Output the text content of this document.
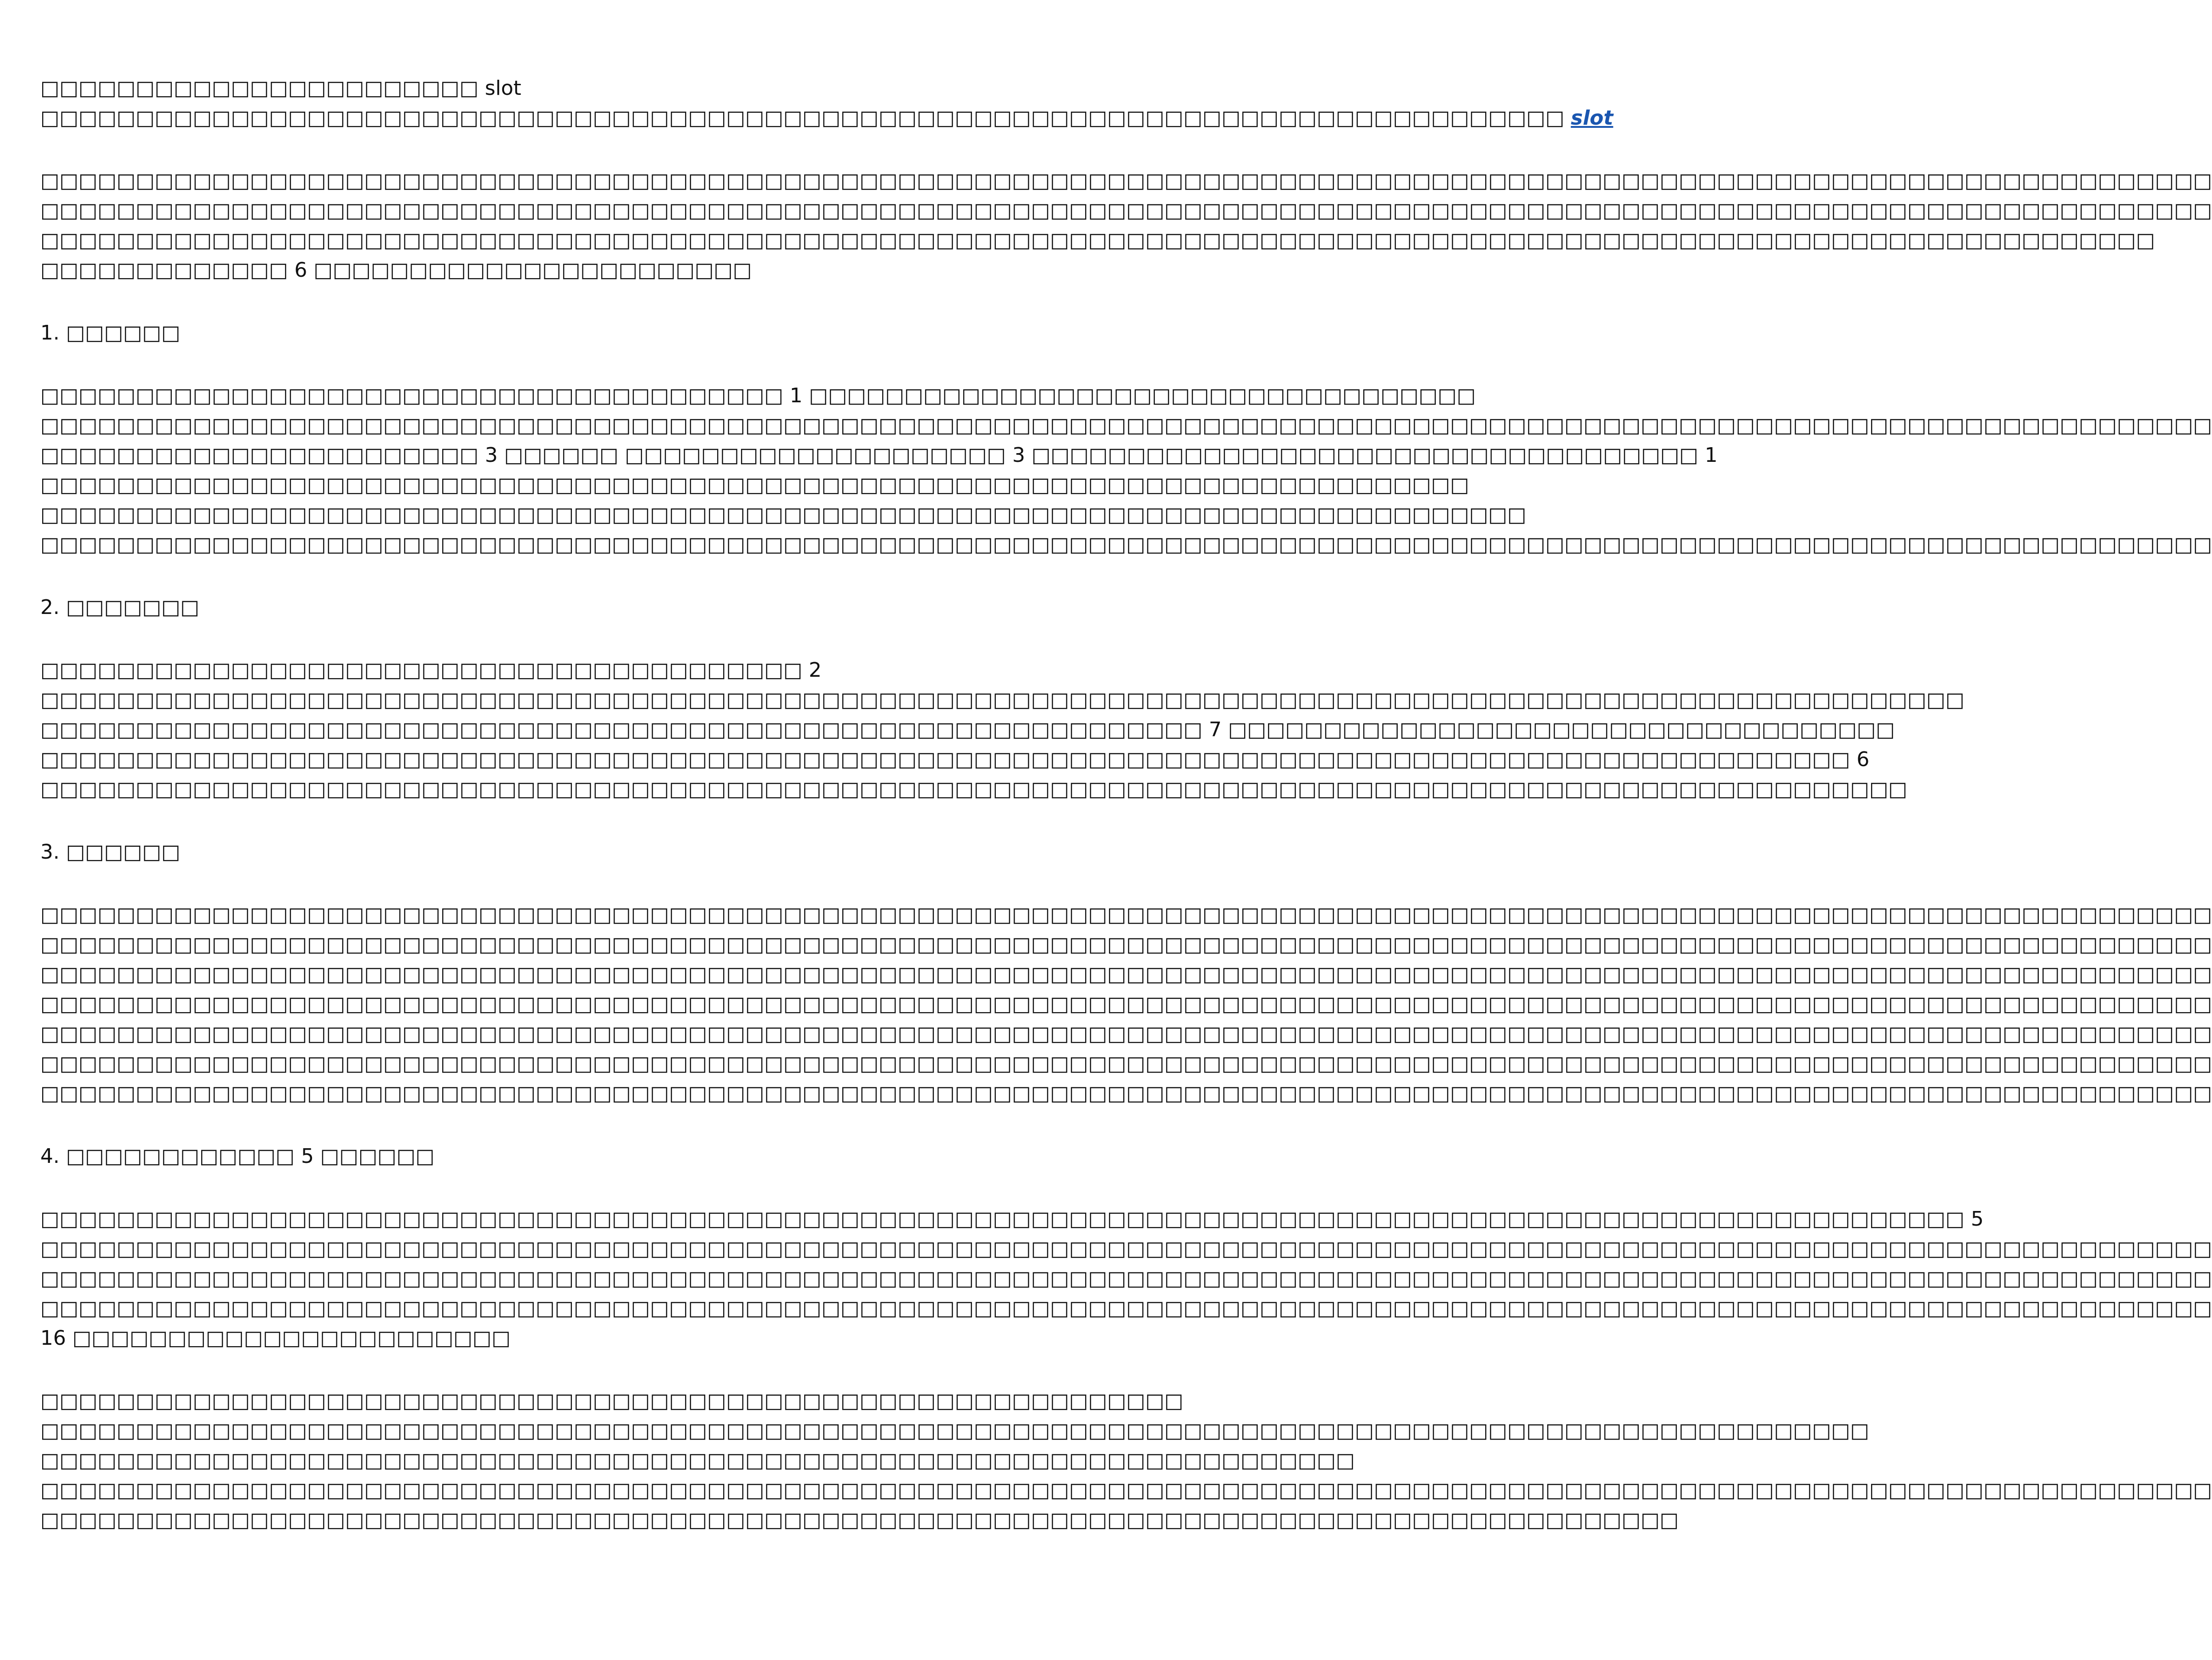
□□□□□□□□□□□□□□□□□□□□□□□ slot
□□□□□□□□□□□□□□□□□□□□□□□□□□□□□□□□□□□□□□□□□□□□□□□□□□□□□□□□□□□□□□□□□□□□□□□□□□□□□□□□ slot
□□□□□□□□□□□□□□□□□□□□□□□□□□□□□□□□□□□□□□□□□□□□□□□□□□□□□□□□□□□□□□□□□□□□□□□□□□□□□□□□□□□□□□□□□□□□□□□□□□□□□□□□□□□□□□□□□□
□□□□□□□□□□□□□□□□□□□□□□□□□□□□□□□□□□□□□□□□□□□□□□□□□□□□□□□□□□□□□□□□□□□□□□□□□□□□□□□□□□□□□□□□□□□□□□□□□□□□□□□□□□□□□□□□□□
□□□□□□□□□□□□□□□□□□□□□□□□□□□□□□□□□□□□□□□□□□□□□□□□□□□□□□□□□□□□□□□□□□□□□□□□□□□□□□□□□□□□□□□□□□□□□□□□□□□□□□□□□□□□□□□
□□□□□□□□□□□□□ 6 □□□□□□□□□□□□□□□□□□□□□□□
1. □□□□□□
□□□□□□□□□□□□□□□□□□□□□□□□□□□□□□□□□□□□□□□ 1 □□□□□□□□□□□□□□□□□□□□□□□□□□□□□□□□□□□
□□□□□□□□□□□□□□□□□□□□□□□□□□□□□□□□□□□□□□□□□□□□□□□□□□□□□□□□□□□□□□□□□□□□□□□□□□□□□□□□□□□□□□□□□□□□□□□□□□□□□□□□□□□□□□□□□□
□□□□□□□□□□□□□□□□□□□□□□□ 3 □□□□□□ □□□□□□□□□□□□□□□□□□□□ 3 □□□□□□□□□□□□□□□□□□□□□□□□□□□□□□□□□□□ 1
□□□□□□□□□□□□□□□□□□□□□□□□□□□□□□□□□□□□□□□□□□□□□□□□□□□□□□□□□□□□□□□□□□□□□□□□□□□
□□□□□□□□□□□□□□□□□□□□□□□□□□□□□□□□□□□□□□□□□□□□□□□□□□□□□□□□□□□□□□□□□□□□□□□□□□□□□□
□□□□□□□□□□□□□□□□□□□□□□□□□□□□□□□□□□□□□□□□□□□□□□□□□□□□□□□□□□□□□□□□□□□□□□□□□□□□□□□□□□□□□□□□□□□□□□□□□□□□□□□□□□□□□□□□□□
2. □□□□□□□
□□□□□□□□□□□□□□□□□□□□□□□□□□□□□□□□□□□□□□□□ 2
□□□□□□□□□□□□□□□□□□□□□□□□□□□□□□□□□□□□□□□□□□□□□□□□□□□□□□□□□□□□□□□□□□□□□□□□□□□□□□□□□□□□□□□□□□□□□□□□□□□□□
□□□□□□□□□□□□□□□□□□□□□□□□□□□□□□□□□□□□□□□□□□□□□□□□□□□□□□□□□□□□□ 7 □□□□□□□□□□□□□□□□□□□□□□□□□□□□□□□□□□□
□□□□□□□□□□□□□□□□□□□□□□□□□□□□□□□□□□□□□□□□□□□□□□□□□□□□□□□□□□□□□□□□□□□□□□□□□□□□□□□□□□□□□□□□□□□□□□□ 6
□□□□□□□□□□□□□□□□□□□□□□□□□□□□□□□□□□□□□□□□□□□□□□□□□□□□□□□□□□□□□□□□□□□□□□□□□□□□□□□□□□□□□□□□□□□□□□□□□□
3. □□□□□□
□□□□□□□□□□□□□□□□□□□□□□□□□□□□□□□□□□□□□□□□□□□□□□□□□□□□□□□□□□□□□□□□□□□□□□□□□□□□□□□□□□□□□□□□□□□□□□□□□□□□□□□□□□□□□□□□□□
□□□□□□□□□□□□□□□□□□□□□□□□□□□□□□□□□□□□□□□□□□□□□□□□□□□□□□□□□□□□□□□□□□□□□□□□□□□□□□□□□□□□□□□□□□□□□□□□□□□□□□□□□□□□□□□□□□
□□□□□□□□□□□□□□□□□□□□□□□□□□□□□□□□□□□□□□□□□□□□□□□□□□□□□□□□□□□□□□□□□□□□□□□□□□□□□□□□□□□□□□□□□□□□□□□□□□□□□□□□□□□□□□□□□□
□□□□□□□□□□□□□□□□□□□□□□□□□□□□□□□□□□□□□□□□□□□□□□□□□□□□□□□□□□□□□□□□□□□□□□□□□□□□□□□□□□□□□□□□□□□□□□□□□□□□□□□□□□□□□□□□□□
□□□□□□□□□□□□□□□□□□□□□□□□□□□□□□□□□□□□□□□□□□□□□□□□□□□□□□□□□□□□□□□□□□□□□□□□□□□□□□□□□□□□□□□□□□□□□□□□□□□□□□□□□□□□□□□□□□
□□□□□□□□□□□□□□□□□□□□□□□□□□□□□□□□□□□□□□□□□□□□□□□□□□□□□□□□□□□□□□□□□□□□□□□□□□□□□□□□□□□□□□□□□□□□□□□□□□□□□□□□□□□□□□□□□□
□□□□□□□□□□□□□□□□□□□□□□□□□□□□□□□□□□□□□□□□□□□□□□□□□□□□□□□□□□□□□□□□□□□□□□□□□□□□□□□□□□□□□□□□□□□□□□□□□□□□□□□□□□□□□□□□□□
4. □□□□□□□□□□□□ 5 □□□□□□
□□□□□□□□□□□□□□□□□□□□□□□□□□□□□□□□□□□□□□□□□□□□□□□□□□□□□□□□□□□□□□□□□□□□□□□□□□□□□□□□□□□□□□□□□□□□□□□□□□□□□ 5
□□□□□□□□□□□□□□□□□□□□□□□□□□□□□□□□□□□□□□□□□□□□□□□□□□□□□□□□□□□□□□□□□□□□□□□□□□□□□□□□□□□□□□□□□□□□□□□□□□□□□□□□□□□□□□□□□□
□□□□□□□□□□□□□□□□□□□□□□□□□□□□□□□□□□□□□□□□□□□□□□□□□□□□□□□□□□□□□□□□□□□□□□□□□□□□□□□□□□□□□□□□□□□□□□□□□□□□□□□□□□□□□□□□□□
□□□□□□□□□□□□□□□□□□□□□□□□□□□□□□□□□□□□□□□□□□□□□□□□□□□□□□□□□□□□□□□□□□□□□□□□□□□□□□□□□□□□□□□□□□□□□□□□□□□□□□□□□□□□□□□□□□
16 □□□□□□□□□□□□□□□□□□□□□□□
□□□□□□□□□□□□□□□□□□□□□□□□□□□□□□□□□□□□□□□□□□□□□□□□□□□□□□□□□□□□
□□□□□□□□□□□□□□□□□□□□□□□□□□□□□□□□□□□□□□□□□□□□□□□□□□□□□□□□□□□□□□□□□□□□□□□□□□□□□□□□□□□□□□□□□□□□□□□□
□□□□□□□□□□□□□□□□□□□□□□□□□□□□□□□□□□□□□□□□□□□□□□□□□□□□□□□□□□□□□□□□□□□□□
□□□□□□□□□□□□□□□□□□□□□□□□□□□□□□□□□□□□□□□□□□□□□□□□□□□□□□□□□□□□□□□□□□□□□□□□□□□□□□□□□□□□□□□□□□□□□□□□□□□□□□□□□□□□□□□□□□
□□□□□□□□□□□□□□□□□□□□□□□□□□□□□□□□□□□□□□□□□□□□□□□□□□□□□□□□□□□□□□□□□□□□□□□□□□□□□□□□□□□□□□
